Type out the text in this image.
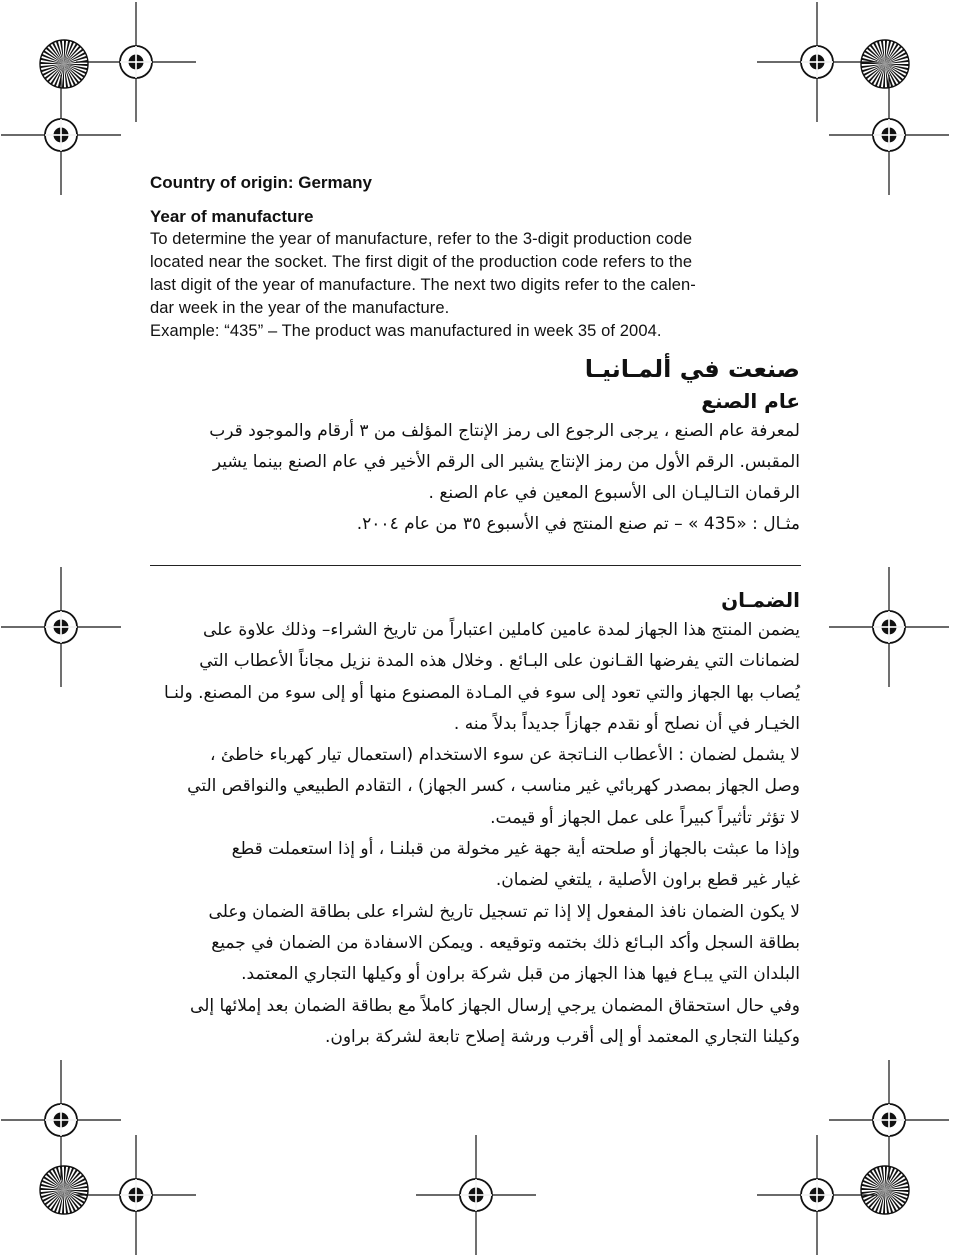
Country of origin: Germany

Year of manufacture

To determine the year of manufacture, refer to the 3-digit production code

located near the socket. The first digit of the production code refers to the

last digit of the year of manufacture. The next two digits refer to the calen-

dar week in the year of the manufacture.

Example: “435” – The product was manufactured in week 35 of 2004.

صنعت في ألمـانيـا

عام الصنع

لمعرفة عام الصنع ، يرجى الرجوع الى رمز الإنتاج المؤلف من ٣ أرقام والموجود قرب

المقبس. الرقم الأول من رمز الإنتاج يشير الى الرقم الأخير في عام الصنع بينما يشير

الرقمان التـاليـان الى الأسبوع المعين في عام الصنع .

مثـال : «435 » – تم صنع المنتج في الأسبوع ٣٥ من عام ٢٠٠٤.

الضمـان

يضمن المنتج هذا الجهاز لمدة عامين كاملين اعتباراً من تاريخ الشراء– وذلك علاوة على

لضمانات التي يفرضها القـانون على البـائع . وخلال هذه المدة نزيل مجاناً الأعطاب التي

يُصاب بها الجهاز والتي تعود إلى سوء في المـادة المصنوع منها أو إلى سوء من المصنع. ولنـا

الخيـار في أن نصلح أو نقدم جهازاً جديداً بدلاً منه .

لا يشمل لضمان : الأعطاب النـاتجة عن سوء الاستخدام (استعمال تيار كهرباء خاطئ ،

وصل الجهاز بمصدر كهربائي غير مناسب ، كسر الجهاز) ، التقادم الطبيعي والنواقص التي

لا تؤثر تأثيراً كبيراً على عمل الجهاز أو قيمت.

وإذا ما عبثت بالجهاز أو صلحته أية جهة غير مخولة من قبلنـا ، أو إذا استعملت قطع

غيار غير قطع براون الأصلية ، يلتغي لضمان.

لا يكون الضمان نافذ المفعول إلا إذا تم تسجيل تاريخ لشراء على بطاقة الضمان وعلى

بطاقة السجل وأكد البـائع ذلك بختمه وتوقيعه . ويمكن الاسفادة من الضمان في جميع

البلدان التي يبـاع فيها هذا الجهاز من قبل شركة براون أو وكيلها التجاري المعتمد.

وفي حال استحقاق المضمان يرجي إرسال الجهاز كاملاً مع بطاقة الضمان بعد إملائها إلى

وكيلنا التجاري المعتمد أو إلى أقرب ورشة إصلاح تابعة لشركة براون.
